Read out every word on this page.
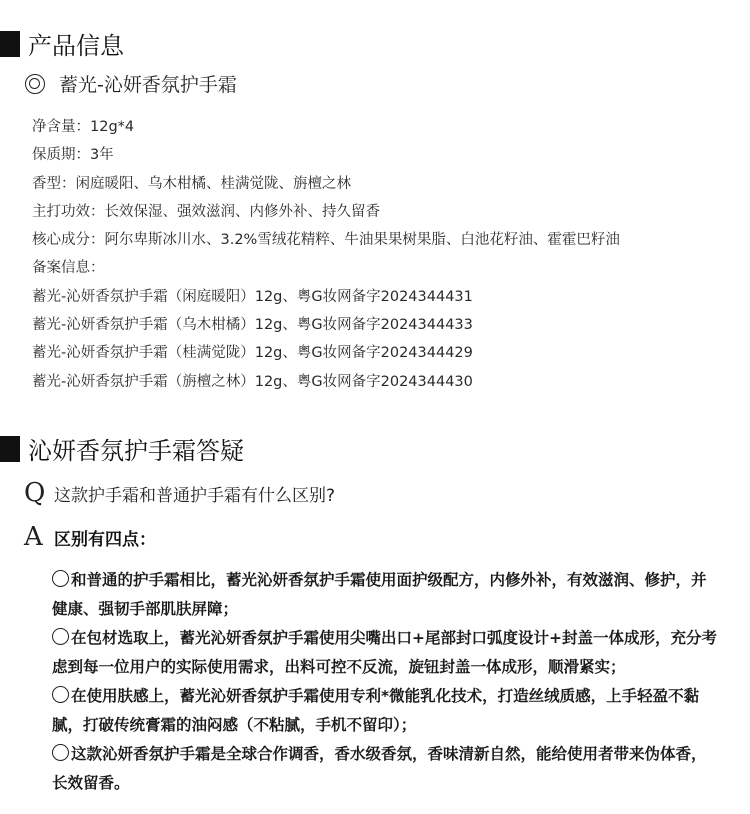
产品信息
蓄光-沁妍香氛护手霜
净含量：12g*4
保质期：3年
香型：闲庭暖阳、乌木柑橘、桂满觉陇、旃檀之林
主打功效：长效保湿、强效滋润、内修外补、持久留香
核心成分：阿尔卑斯冰川水、3.2%雪绒花精粹、牛油果果树果脂、白池花籽油、霍霍巴籽油
备案信息：
蓄光-沁妍香氛护手霜（闲庭暖阳）12g、粤G妆网备字2024344431
蓄光-沁妍香氛护手霜（乌木柑橘）12g、粤G妆网备字2024344433
蓄光-沁妍香氛护手霜（桂满觉陇）12g、粤G妆网备字2024344429
蓄光-沁妍香氛护手霜（旃檀之林）12g、粤G妆网备字2024344430
沁妍香氛护手霜答疑
Q 这款护手霜和普通护手霜有什么区别?
A 区别有四点：

和普通的护手霜相比，蓄光沁妍香氛护手霜使用面护级配方，内修外补，有效滋润、修护，并健康、强韧手部肌肤屏障；

在包材选取上，蓄光沁妍香氛护手霜使用尖嘴出口+尾部封口弧度设计+封盖一体成形，充分考虑到每一位用户的实际使用需求，出料可控不反流，旋钮封盖一体成形，顺滑紧实；

在使用肤感上，蓄光沁妍香氛护手霜使用专利*微能乳化技术，打造丝绒质感，上手轻盈不黏腻，打破传统膏霜的油闷感（不粘腻，手机不留印）；

这款沁妍香氛护手霜是全球合作调香，香水级香氛，香味清新自然，能给使用者带来伪体香，长效留香。
